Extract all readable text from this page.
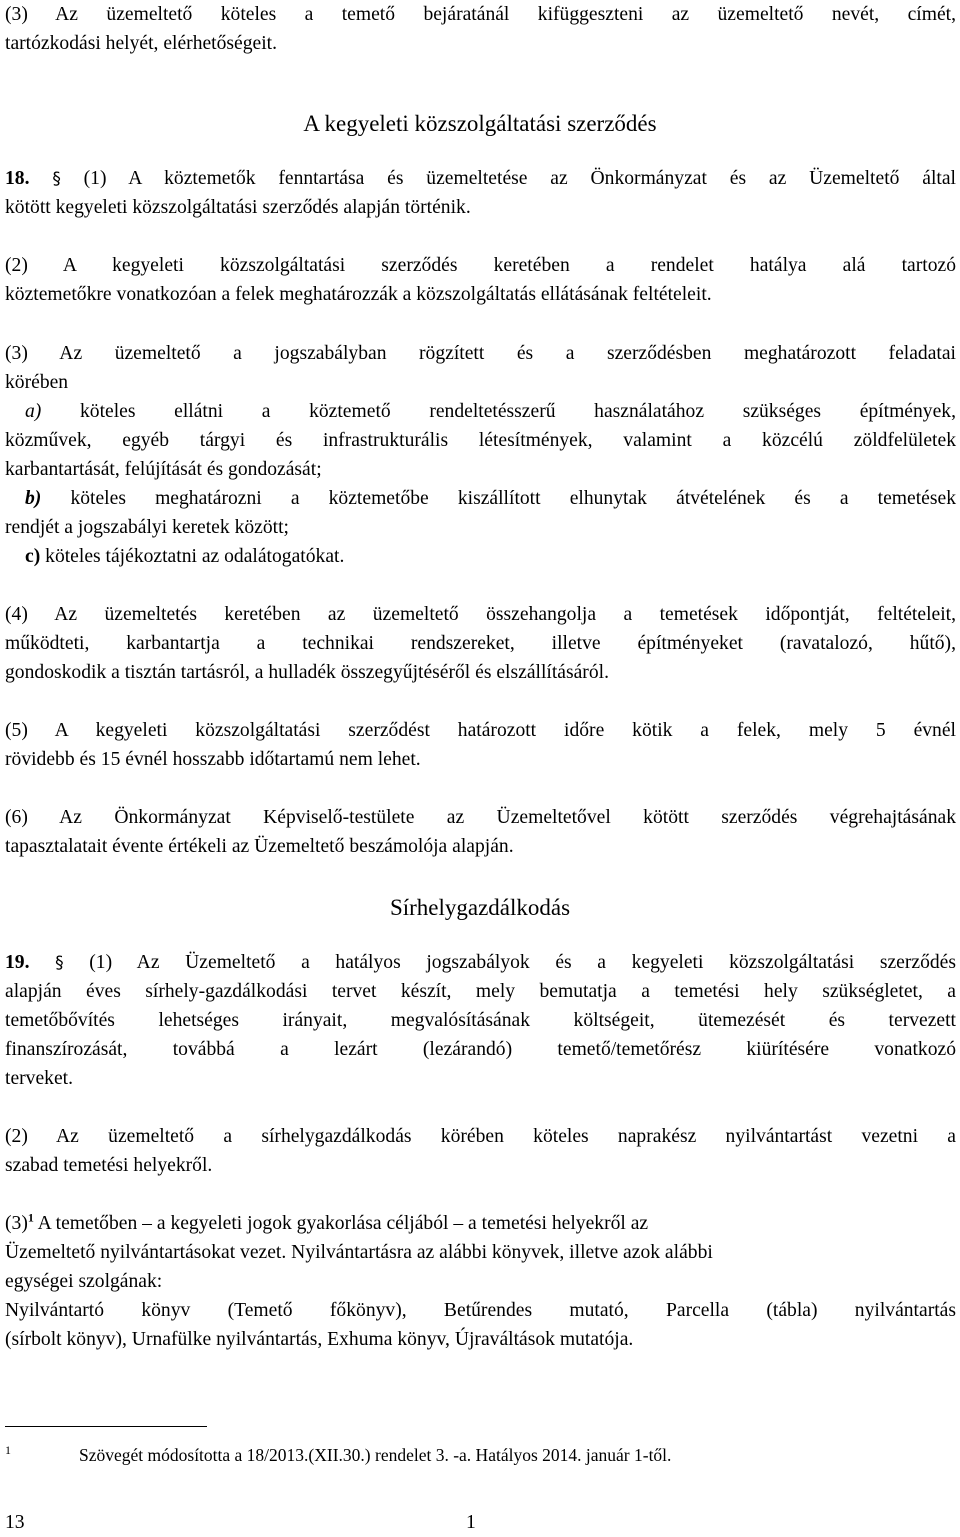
(3) Az üzemeltető köteles a temető bejáratánál kifüggeszteni az üzemeltető nevét, címét,
tartózkodási helyét, elérhetőségeit.
A kegyeleti közszolgáltatási szerződés
18. § (1) A köztemetők fenntartása és üzemeltetése az Önkormányzat és az Üzemeltető által
kötött kegyeleti közszolgáltatási szerződés alapján történik.
(2) A kegyeleti közszolgáltatási szerződés keretében a rendelet hatálya alá tartozó
köztemetőkre vonatkozóan a felek meghatározzák a közszolgáltatás ellátásának feltételeit.
(3) Az üzemeltető a jogszabályban rögzített és a szerződésben meghatározott feladatai
körében
a) köteles ellátni a köztemető rendeltetésszerű használatához szükséges építmények,
közművek, egyéb tárgyi és infrastrukturális létesítmények, valamint a közcélú zöldfelületek
karbantartását, felújítását és gondozását;
b) köteles meghatározni a köztemetőbe kiszállított elhunytak átvételének és a temetések
rendjét a jogszabályi keretek között;
c) köteles tájékoztatni az odalátogatókat.
(4) Az üzemeltetés keretében az üzemeltető összehangolja a temetések időpontját, feltételeit,
működteti, karbantartja a technikai rendszereket, illetve építményeket (ravatalozó, hűtő),
gondoskodik a tisztán tartásról, a hulladék összegyűjtéséről és elszállításáról.
(5) A kegyeleti közszolgáltatási szerződést határozott időre kötik a felek, mely 5 évnél
rövidebb és 15 évnél hosszabb időtartamú nem lehet.
(6) Az Önkormányzat Képviselő-testülete az Üzemeltetővel kötött szerződés végrehajtásának
tapasztalatait évente értékeli az Üzemeltető beszámolója alapján.
Sírhelygazdálkodás
19. § (1) Az Üzemeltető a hatályos jogszabályok és a kegyeleti közszolgáltatási szerződés
alapján éves sírhely-gazdálkodási tervet készít, mely bemutatja a temetési hely szükségletet, a
temetőbővítés lehetséges irányait, megvalósításának költségeit, ütemezését és tervezett
finanszírozását, továbbá a lezárt (lezárandó) temető/temetőrész kiürítésére vonatkozó
terveket.
(2) Az üzemeltető a sírhelygazdálkodás körében köteles naprakész nyilvántartást vezetni a
szabad temetési helyekről.
$(3)^1$ A temetőben – a kegyeleti jogok gyakorlása céljából – a temetési helyekről az
Üzemeltető nyilvántartásokat vezet. Nyilvántartásra az alábbi könyvek, illetve azok alábbi
egységei szolgának:
Nyilvántartó könyv (Temető főkönyv), Betűrendes mutató, Parcella (tábla) nyilvántartás
(sírbolt könyv), Urnafülke nyilvántartás, Exhuma könyv, Újraváltások mutatója.
$^1$	Szövegét módosította a 18/2013.(XII.30.) rendelet 3. -a. Hatályos 2014. január 1-től.
13	1
